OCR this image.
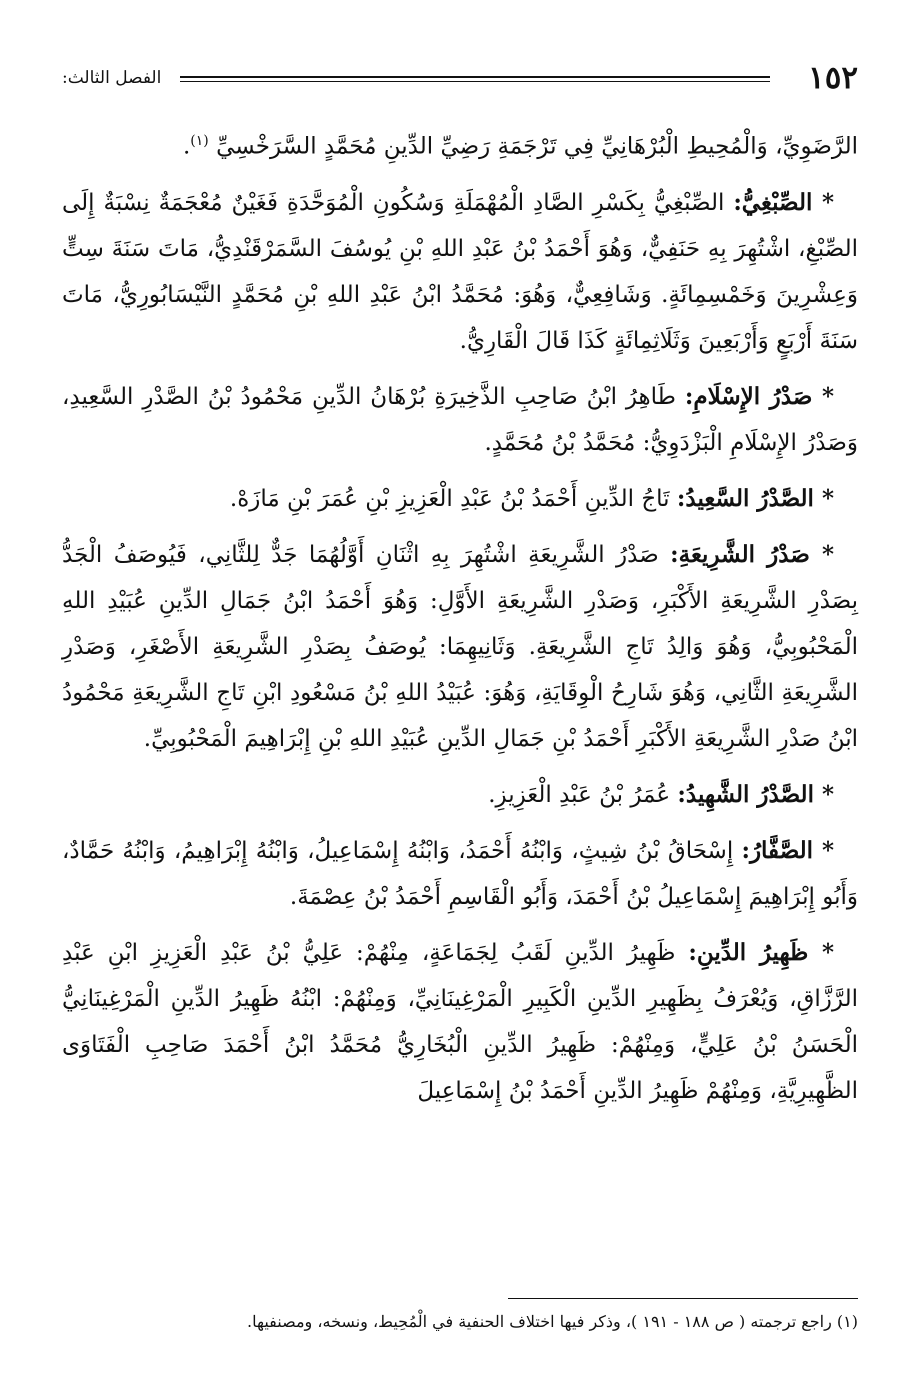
١٥٢
الفصل الثالث:

الرَّضَوِيِّ، وَالْمُحِيطِ الْبُرْهَانِيِّ فِي تَرْجَمَةِ رَضِيِّ الدِّينِ مُحَمَّدٍ السَّرَخْسِيِّ $^{(١)}$.

* الصِّبْغِيُّ: الصِّبْغِيُّ بِكَسْرِ الصَّادِ الْمُهْمَلَةِ وَسُكُونِ الْمُوَحَّدَةِ فَغَيْنٌ مُعْجَمَةٌ نِسْبَةٌ إِلَى الصِّبْغِ، اشْتُهِرَ بِهِ حَنَفِيٌّ، وَهُوَ أَحْمَدُ بْنُ عَبْدِ اللهِ بْنِ يُوسُفَ السَّمَرْقَنْدِيُّ، مَاتَ سَنَةَ سِتٍّ وَعِشْرِينَ وَخَمْسِمِائَةٍ. وَشَافِعِيٌّ، وَهُوَ: مُحَمَّدُ ابْنُ عَبْدِ اللهِ بْنِ مُحَمَّدٍ النَّيْسَابُورِيُّ، مَاتَ سَنَةَ أَرْبَعٍ وَأَرْبَعِينَ وَثَلَاثِمِائَةٍ كَذَا قَالَ الْقَارِيُّ.

* صَدْرُ الإِسْلَامِ: طَاهِرُ ابْنُ صَاحِبِ الذَّخِيرَةِ بُرْهَانُ الدِّينِ مَحْمُودُ بْنُ الصَّدْرِ السَّعِيدِ، وَصَدْرُ الإِسْلَامِ الْبَزْدَوِيُّ: مُحَمَّدُ بْنُ مُحَمَّدٍ.

* الصَّدْرُ السَّعِيدُ: تَاجُ الدِّينِ أَحْمَدُ بْنُ عَبْدِ الْعَزِيزِ بْنِ عُمَرَ بْنِ مَازَهْ.

* صَدْرُ الشَّرِيعَةِ: صَدْرُ الشَّرِيعَةِ اشْتُهِرَ بِهِ اثْنَانِ أَوَّلُهُمَا جَدٌّ لِلثَّانِي، فَيُوصَفُ الْجَدُّ بِصَدْرِ الشَّرِيعَةِ الأَكْبَرِ، وَصَدْرِ الشَّرِيعَةِ الأَوَّلِ: وَهُوَ أَحْمَدُ ابْنُ جَمَالِ الدِّينِ عُبَيْدِ اللهِ الْمَحْبُوبِيُّ، وَهُوَ وَالِدُ تَاجِ الشَّرِيعَةِ. وَثَانِيهِمَا: يُوصَفُ بِصَدْرِ الشَّرِيعَةِ الأَصْغَرِ، وَصَدْرِ الشَّرِيعَةِ الثَّانِي، وَهُوَ شَارِحُ الْوِقَايَةِ، وَهُوَ: عُبَيْدُ اللهِ بْنُ مَسْعُودِ ابْنِ تَاجِ الشَّرِيعَةِ مَحْمُودُ ابْنُ صَدْرِ الشَّرِيعَةِ الأَكْبَرِ أَحْمَدُ بْنِ جَمَالِ الدِّينِ عُبَيْدِ اللهِ بْنِ إِبْرَاهِيمَ الْمَحْبُوبِيِّ.

* الصَّدْرُ الشَّهِيدُ: عُمَرُ بْنُ عَبْدِ الْعَزِيزِ.

* الصَّفَّارُ: إِسْحَاقُ بْنُ شِيثٍ، وَابْنُهُ أَحْمَدُ، وَابْنُهُ إِسْمَاعِيلُ، وَابْنُهُ إِبْرَاهِيمُ، وَابْنُهُ حَمَّادٌ، وَأَبُو إِبْرَاهِيمَ إِسْمَاعِيلُ بْنُ أَحْمَدَ، وَأَبُو الْقَاسِمِ أَحْمَدُ بْنُ عِصْمَةَ.

* ظَهِيرُ الدِّينِ: ظَهِيرُ الدِّينِ لَقَبُ لِجَمَاعَةٍ، مِنْهُمْ: عَلِيُّ بْنُ عَبْدِ الْعَزِيزِ ابْنِ عَبْدِ الرَّزَّاقِ، وَيُعْرَفُ بِظَهِيرِ الدِّينِ الْكَبِيرِ الْمَرْغِينَانِيِّ، وَمِنْهُمْ: ابْنُهُ ظَهِيرُ الدِّينِ الْمَرْغِينَانِيُّ الْحَسَنُ بْنُ عَلِيٍّ، وَمِنْهُمْ: ظَهِيرُ الدِّينِ الْبُخَارِيُّ مُحَمَّدُ ابْنُ أَحْمَدَ صَاحِبِ الْفَتَاوَى الظَّهِيرِيَّةِ، وَمِنْهُمْ ظَهِيرُ الدِّينِ أَحْمَدُ بْنُ إِسْمَاعِيلَ

(١) راجع ترجمته ( ص ١٨٨ - ١٩١ )، وذكر فيها اختلاف الحنفية في الْمُحِيط، ونسخه، ومصنفيها.
